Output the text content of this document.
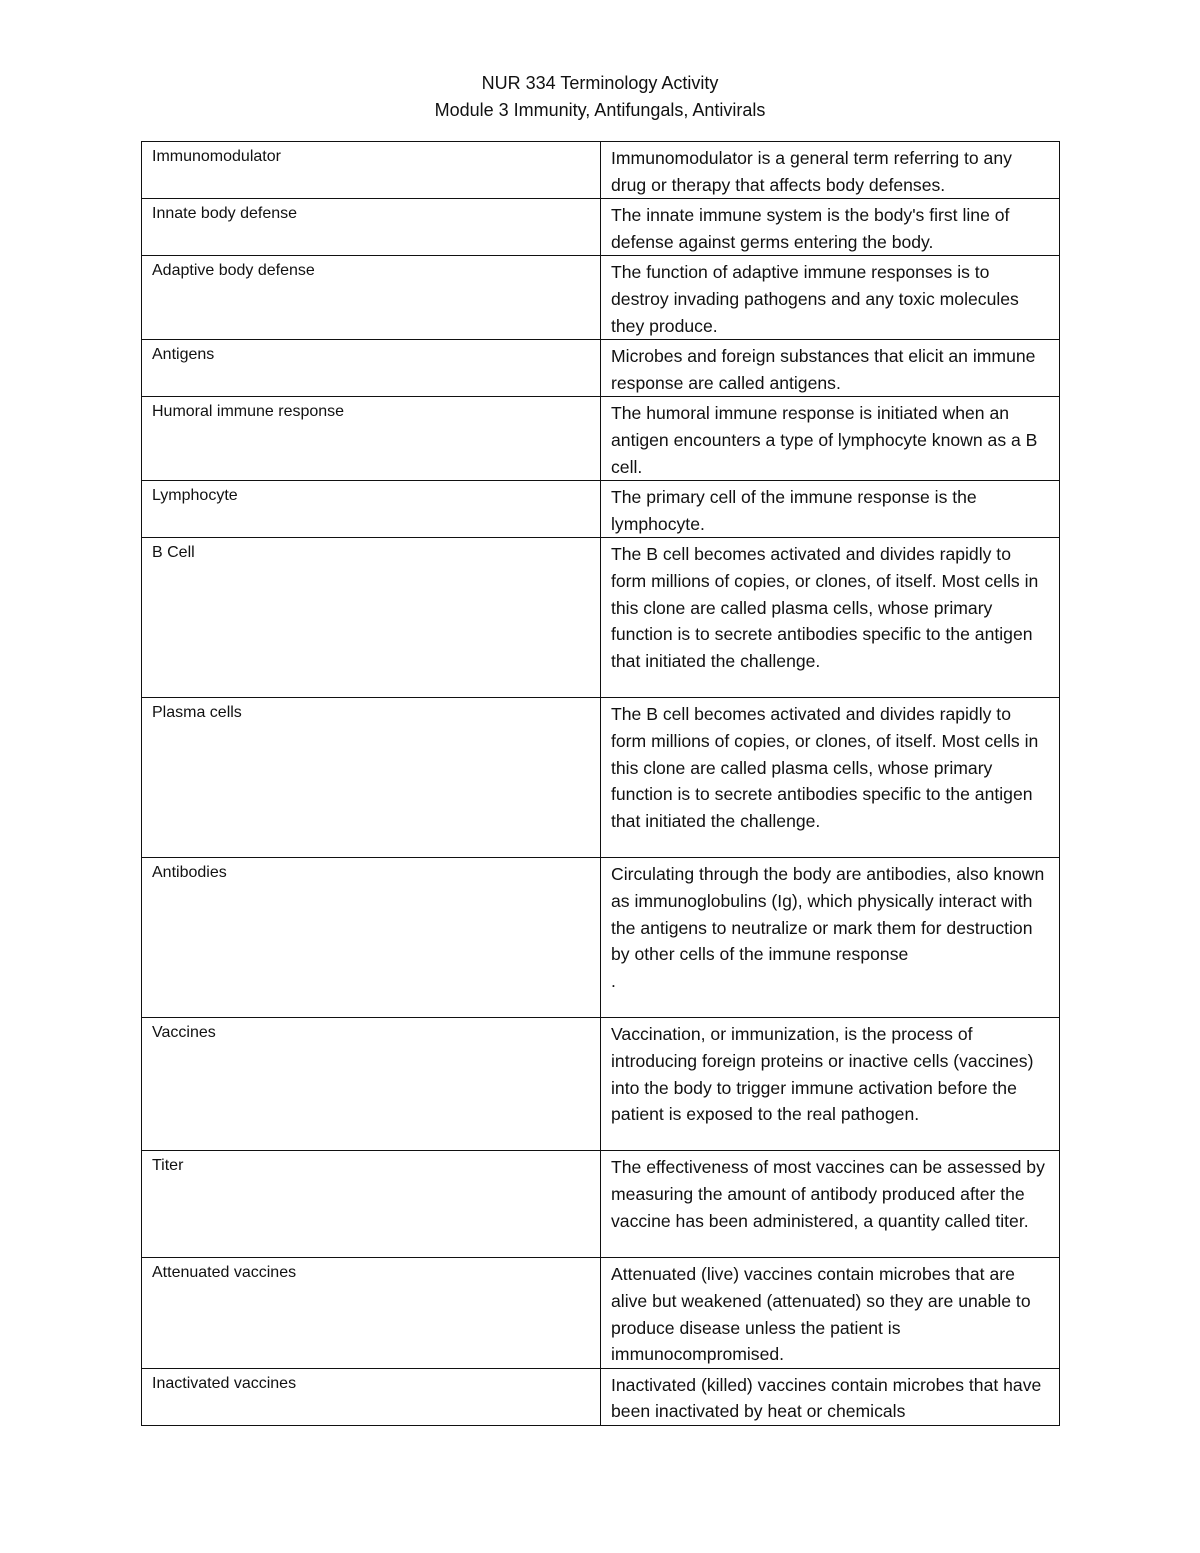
NUR 334 Terminology Activity
Module 3 Immunity, Antifungals, Antivirals
Immunomodulator	Immunomodulator is a general term referring to any drug or therapy that affects body defenses.
Innate body defense	The innate immune system is the body's first line of defense against germs entering the body.
Adaptive body defense	The function of adaptive immune responses is to destroy invading pathogens and any toxic molecules they produce.
Antigens	Microbes and foreign substances that elicit an immune response are called antigens.
Humoral immune response	The humoral immune response is initiated when an antigen encounters a type of lymphocyte known as a B cell.
Lymphocyte	The primary cell of the immune response is the lymphocyte.
B Cell	The B cell becomes activated and divides rapidly to form millions of copies, or clones, of itself. Most cells in this clone are called plasma cells, whose primary function is to secrete antibodies specific to the antigen that initiated the challenge.
Plasma cells	The B cell becomes activated and divides rapidly to form millions of copies, or clones, of itself. Most cells in this clone are called plasma cells, whose primary function is to secrete antibodies specific to the antigen that initiated the challenge.
Antibodies	Circulating through the body are antibodies, also known as immunoglobulins (Ig), which physically interact with the antigens to neutralize or mark them for destruction by other cells of the immune response
.
Vaccines	Vaccination, or immunization, is the process of introducing foreign proteins or inactive cells (vaccines) into the body to trigger immune activation before the patient is exposed to the real pathogen.
Titer	The effectiveness of most vaccines can be assessed by measuring the amount of antibody produced after the vaccine has been administered, a quantity called titer.
Attenuated vaccines	Attenuated (live) vaccines contain microbes that are alive but weakened (attenuated) so they are unable to produce disease unless the patient is immunocompromised.
Inactivated vaccines	Inactivated (killed) vaccines contain microbes that have been inactivated by heat or chemicals
